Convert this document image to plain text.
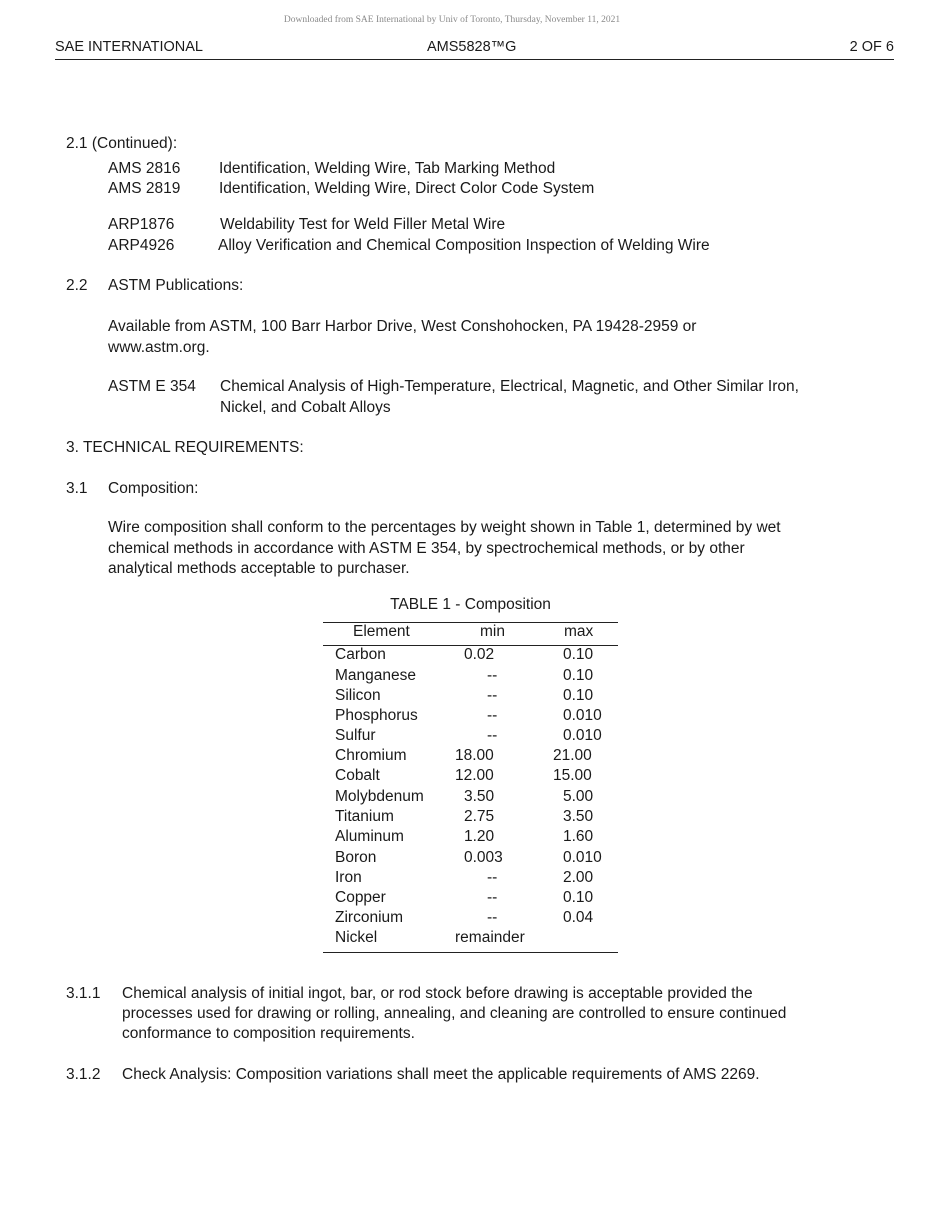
Downloaded from SAE International by Univ of Toronto, Thursday, November 11, 2021
SAE INTERNATIONAL	AMS5828™G	2 OF 6
2.1 (Continued):
AMS 2816 Identification, Welding Wire, Tab Marking Method
AMS 2819 Identification, Welding Wire, Direct Color Code System
ARP1876	Weldability Test for Weld Filler Metal Wire
ARP4926	Alloy Verification and Chemical Composition Inspection of Welding Wire
2.2 ASTM Publications:
Available from ASTM, 100 Barr Harbor Drive, West Conshohocken, PA 19428-2959 or
www.astm.org.
ASTM E 354 Chemical Analysis of High-Temperature, Electrical, Magnetic, and Other Similar Iron,
Nickel, and Cobalt Alloys
3. TECHNICAL REQUIREMENTS:
3.1 Composition:
Wire composition shall conform to the percentages by weight shown in Table 1, determined by wet
chemical methods in accordance with ASTM E 354, by spectrochemical methods, or by other
analytical methods acceptable to purchaser.
TABLE 1 - Composition
Element	min	max
Carbon	0.02	0.10
Manganese	--	0.10
Silicon	--	0.10
Phosphorus	--	0.010
Sulfur	--	0.010
Chromium	18.00	21.00
Cobalt	12.00	15.00
Molybdenum	3.50	5.00
Titanium	2.75	3.50
Aluminum	1.20	1.60
Boron	0.003	0.010
Iron	--	2.00
Copper	--	0.10
Zirconium	--	0.04
Nickel	remainder
3.1.1 Chemical analysis of initial ingot, bar, or rod stock before drawing is acceptable provided the
processes used for drawing or rolling, annealing, and cleaning are controlled to ensure continued
conformance to composition requirements.
3.1.2 Check Analysis: Composition variations shall meet the applicable requirements of AMS 2269.
